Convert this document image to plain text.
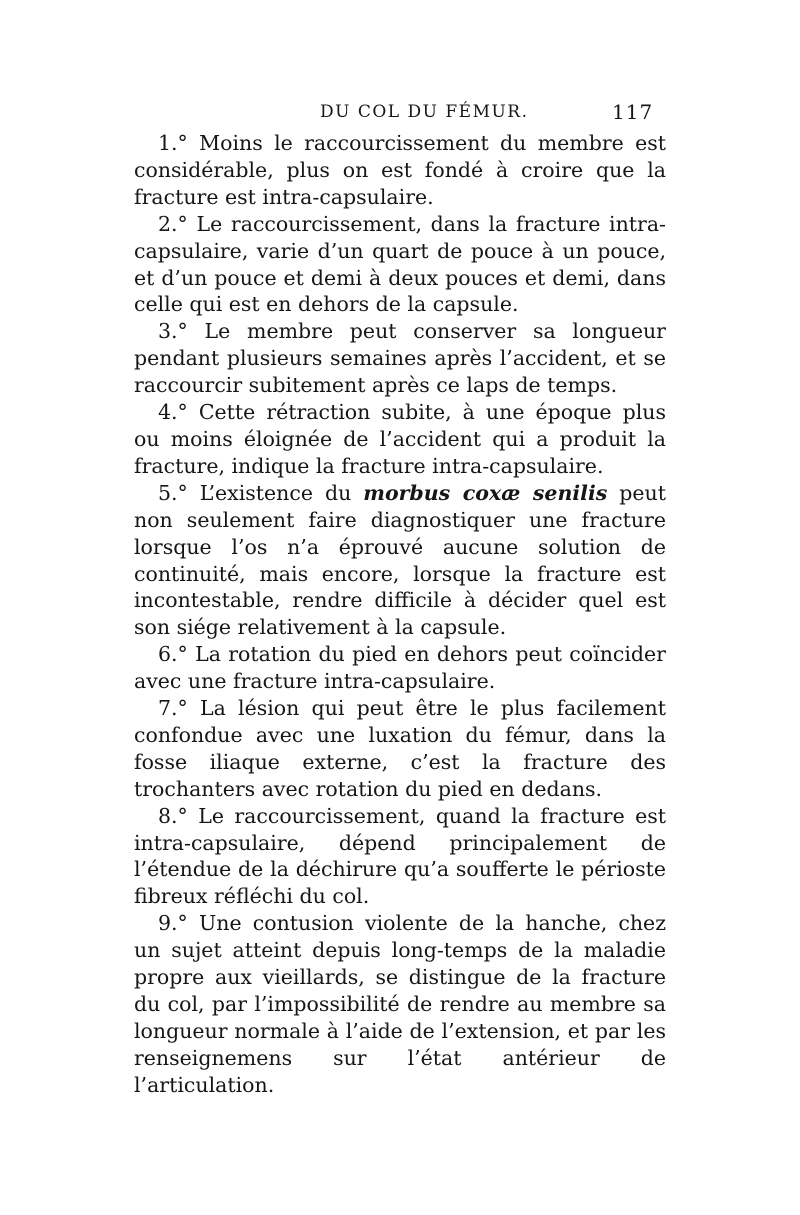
DU COL DU FÉMUR.	117

1.° Moins le raccourcissement du membre est considérable, plus on est fondé à croire que la fracture est intra-capsulaire.

2.° Le raccourcissement, dans la fracture intra-capsulaire, varie d’un quart de pouce à un pouce, et d’un pouce et demi à deux pouces et demi, dans celle qui est en dehors de la capsule.

3.° Le membre peut conserver sa longueur pendant plusieurs semaines après l’accident, et se raccourcir subitement après ce laps de temps.

4.° Cette rétraction subite, à une époque plus ou moins éloignée de l’accident qui a produit la fracture, indique la fracture intra-capsulaire.

5.° L’existence du morbus coxæ senilis peut non seulement faire diagnostiquer une fracture lorsque l’os n’a éprouvé aucune solution de continuité, mais encore, lorsque la fracture est incontestable, rendre difficile à décider quel est son siége relativement à la capsule.

6.° La rotation du pied en dehors peut coïncider avec une fracture intra-capsulaire.

7.° La lésion qui peut être le plus facilement confondue avec une luxation du fémur, dans la fosse iliaque externe, c’est la fracture des trochanters avec rotation du pied en dedans.

8.° Le raccourcissement, quand la fracture est intra-capsulaire, dépend principalement de l’étendue de la déchirure qu’a soufferte le périoste fibreux réfléchi du col.

9.° Une contusion violente de la hanche, chez un sujet atteint depuis long-temps de la maladie propre aux vieillards, se distingue de la fracture du col, par l’impossibilité de rendre au membre sa longueur normale à l’aide de l’extension, et par les renseignemens sur l’état antérieur de l’articulation.
